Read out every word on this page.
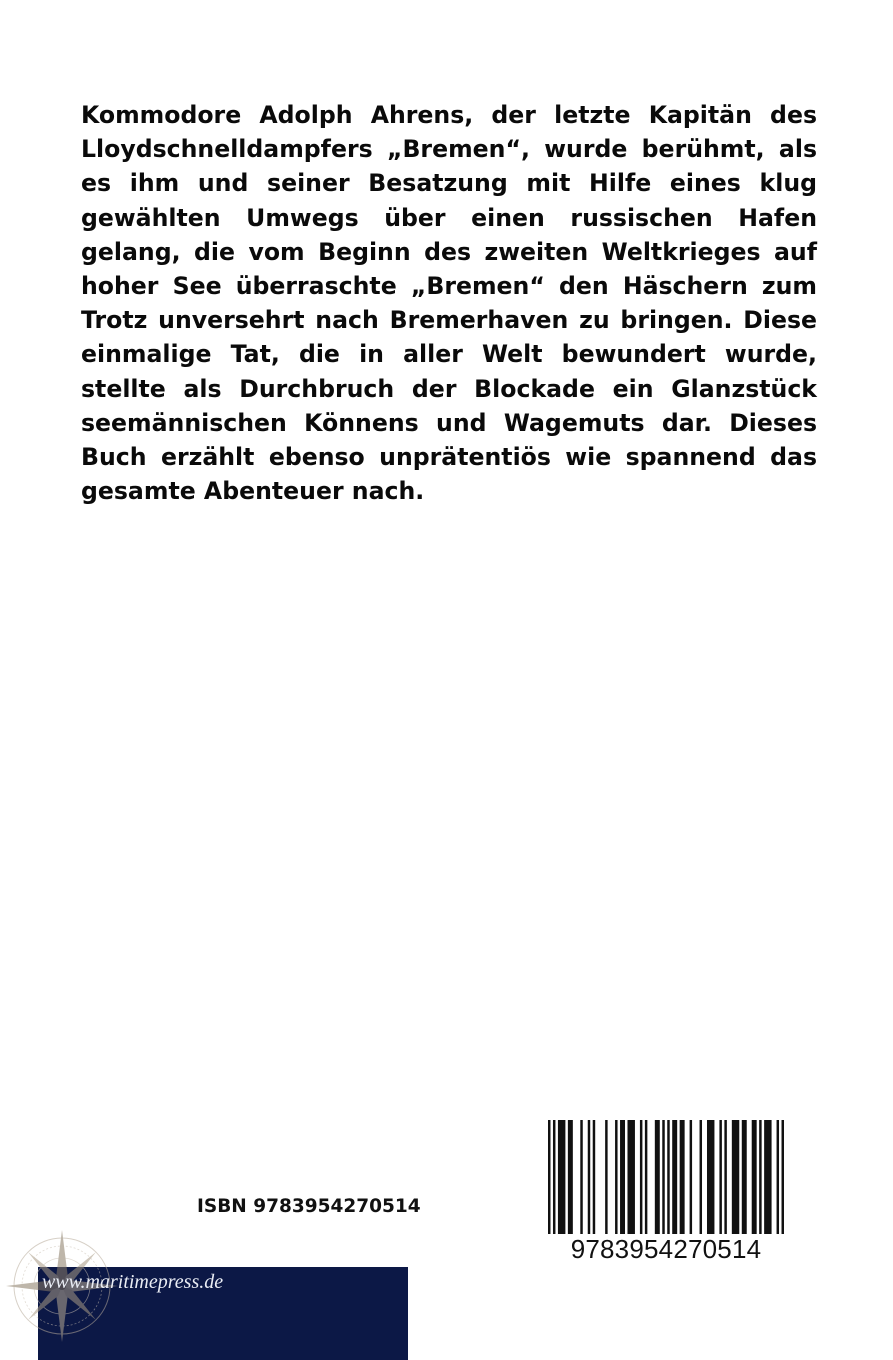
Kommodore Adolph Ahrens, der letzte Kapitän des Lloydschnelldampfers „Bremen“, wurde berühmt, als es ihm und seiner Besatzung mit Hilfe eines klug gewählten Umwegs über einen russischen Hafen gelang, die vom Beginn des zweiten Weltkrieges auf hoher See überraschte „Bremen“ den Häschern zum Trotz unversehrt nach Bremerhaven zu bringen. Diese einmalige Tat, die in aller Welt bewundert wurde, stellte als Durchbruch der Blockade ein Glanzstück seemännischen Könnens und Wagemuts dar. Dieses Buch erzählt ebenso unprätentiös wie spannend das gesamte Abenteuer nach.

ISBN 9783954270514
9783954270514
www.maritimepress.de
